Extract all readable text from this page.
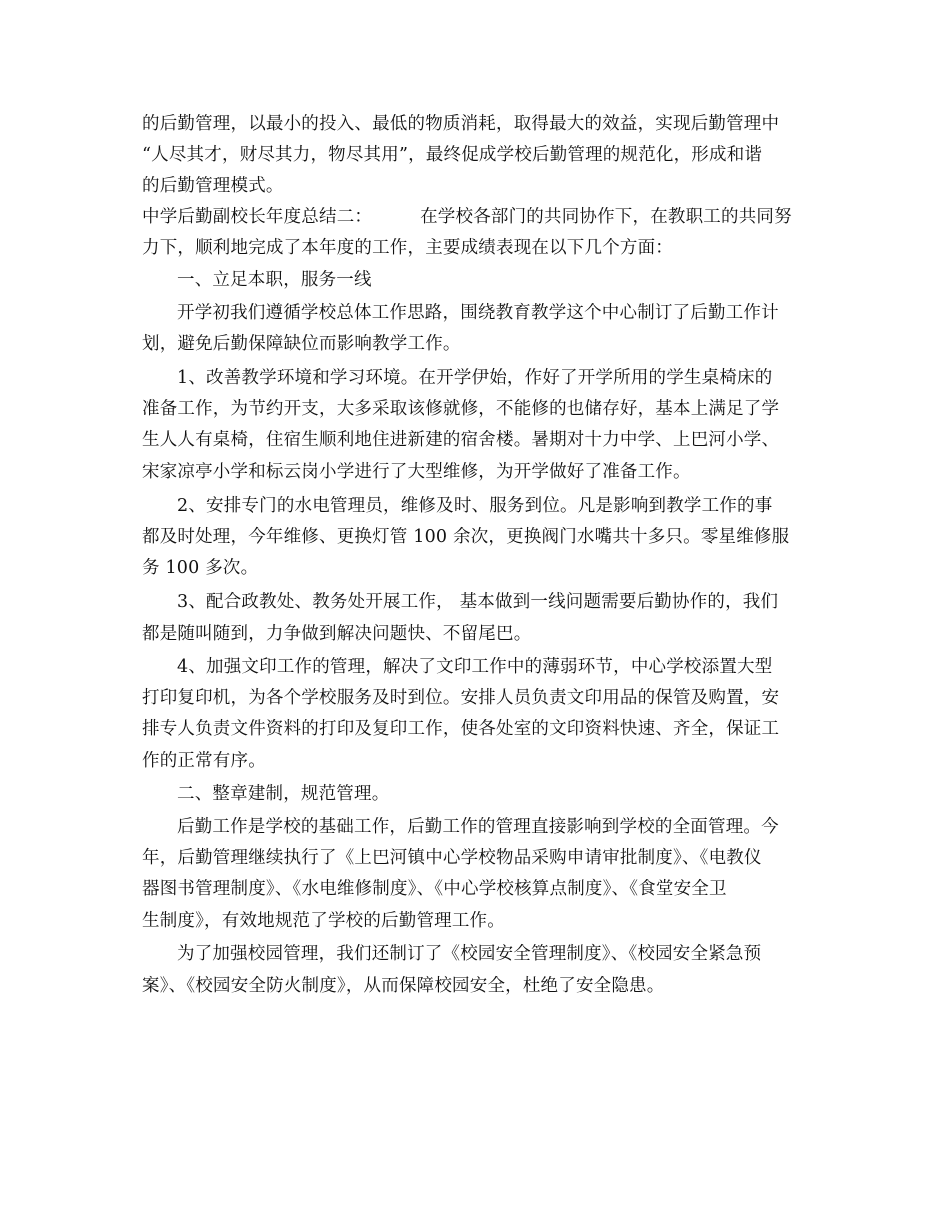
的后勤管理，以最小的投入、最低的物质消耗，取得最大的效益，实现后勤管理中
“人尽其才，财尽其力，物尽其用”，最终促成学校后勤管理的规范化，形成和谐
的后勤管理模式。
中学后勤副校长年度总结二：	在学校各部门的共同协作下，在教职工的共同努
力下，顺利地完成了本年度的工作，主要成绩表现在以下几个方面：
一、立足本职，服务一线
开学初我们遵循学校总体工作思路，围绕教育教学这个中心制订了后勤工作计
划，避免后勤保障缺位而影响教学工作。
1、改善教学环境和学习环境。在开学伊始，作好了开学所用的学生桌椅床的
准备工作，为节约开支，大多采取该修就修，不能修的也储存好，基本上满足了学
生人人有桌椅，住宿生顺利地住进新建的宿舍楼。暑期对十力中学、上巴河小学、
宋家凉亭小学和标云岗小学进行了大型维修，为开学做好了准备工作。
2、安排专门的水电管理员，维修及时、服务到位。凡是影响到教学工作的事
都及时处理，今年维修、更换灯管 100 余次，更换阀门水嘴共十多只。零星维修服
务 100 多次。
3、配合政教处、教务处开展工作， 基本做到一线问题需要后勤协作的，我们
都是随叫随到，力争做到解决问题快、不留尾巴。
4、加强文印工作的管理，解决了文印工作中的薄弱环节，中心学校添置大型
打印复印机，为各个学校服务及时到位。安排人员负责文印用品的保管及购置，安
排专人负责文件资料的打印及复印工作，使各处室的文印资料快速、齐全，保证工
作的正常有序。
二、整章建制，规范管理。
后勤工作是学校的基础工作，后勤工作的管理直接影响到学校的全面管理。今
年，后勤管理继续执行了《上巴河镇中心学校物品采购申请审批制度》、《电教仪
器图书管理制度》、《水电维修制度》、《中心学校核算点制度》、《食堂安全卫
生制度》，有效地规范了学校的后勤管理工作。
为了加强校园管理，我们还制订了《校园安全管理制度》、《校园安全紧急预
案》、《校园安全防火制度》，从而保障校园安全，杜绝了安全隐患。
